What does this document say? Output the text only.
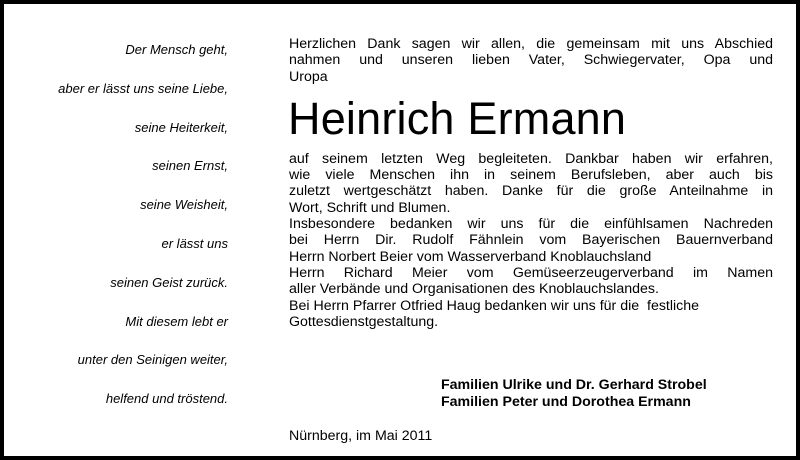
Der Mensch geht,
aber er lässt uns seine Liebe,
seine Heiterkeit,
seinen Ernst,
seine Weisheit,
er lässt uns
seinen Geist zurück.
Mit diesem lebt er
unter den Seinigen weiter,
helfend und tröstend.

Herzlichen Dank sagen wir allen, die gemeinsam mit uns Abschied
nahmen und unseren lieben Vater, Schwiegervater, Opa und
Uropa

Heinrich Ermann

auf seinem letzten Weg begleiteten. Dankbar haben wir erfahren,
wie viele Menschen ihn in seinem Berufsleben, aber auch bis
zuletzt wertgeschätzt haben. Danke für die große Anteilnahme in
Wort, Schrift und Blumen.
Insbesondere bedanken wir uns für die einfühlsamen Nachreden
bei Herrn Dir. Rudolf Fähnlein vom Bayerischen Bauernverband
Herrn Norbert Beier vom Wasserverband Knoblauchsland
Herrn Richard Meier vom Gemüseerzeugerverband im Namen
aller Verbände und Organisationen des Knoblauchslandes.
Bei Herrn Pfarrer Otfried Haug bedanken wir uns für die  festliche
Gottesdienstgestaltung.

Familien Ulrike und Dr. Gerhard Strobel
Familien Peter und Dorothea Ermann
Nürnberg, im Mai 2011
